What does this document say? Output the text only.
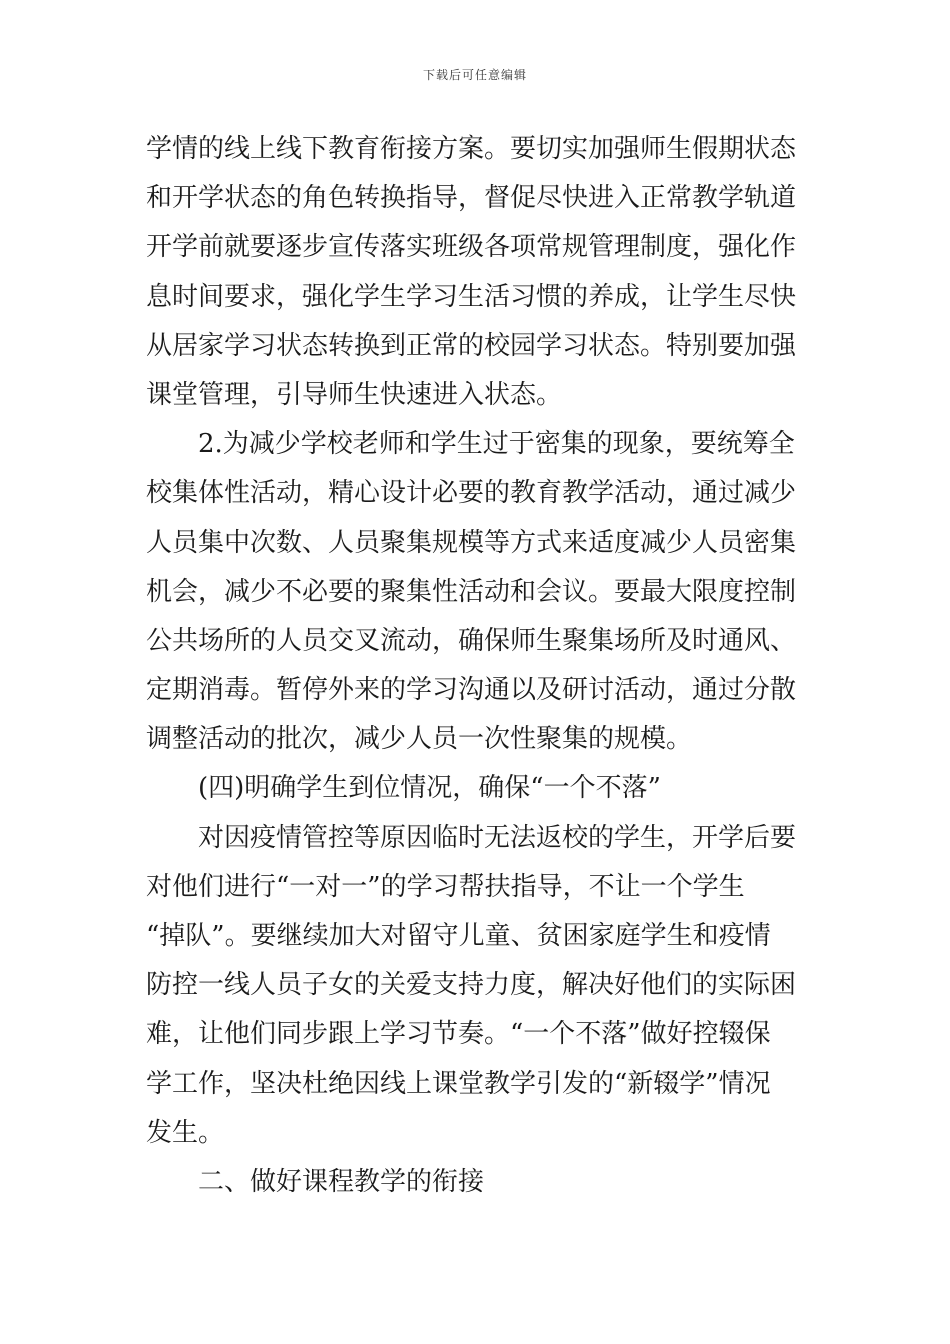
下载后可任意编辑
学情的线上线下教育衔接方案。要切实加强师生假期状态
和开学状态的角色转换指导，督促尽快进入正常教学轨道
开学前就要逐步宣传落实班级各项常规管理制度，强化作
息时间要求，强化学生学习生活习惯的养成，让学生尽快
从居家学习状态转换到正常的校园学习状态。特别要加强
课堂管理，引导师生快速进入状态。
2.为减少学校老师和学生过于密集的现象，要统筹全
校集体性活动，精心设计必要的教育教学活动，通过减少
人员集中次数、人员聚集规模等方式来适度减少人员密集
机会，减少不必要的聚集性活动和会议。要最大限度控制
公共场所的人员交叉流动，确保师生聚集场所及时通风、
定期消毒。暂停外来的学习沟通以及研讨活动，通过分散
调整活动的批次，减少人员一次性聚集的规模。
(四)明确学生到位情况，确保“一个不落”
对因疫情管控等原因临时无法返校的学生，开学后要
对他们进行“一对一”的学习帮扶指导，不让一个学生
“掉队”。要继续加大对留守儿童、贫困家庭学生和疫情
防控一线人员子女的关爱支持力度，解决好他们的实际困
难，让他们同步跟上学习节奏。“一个不落”做好控辍保
学工作，坚决杜绝因线上课堂教学引发的“新辍学”情况
发生。
二、做好课程教学的衔接
